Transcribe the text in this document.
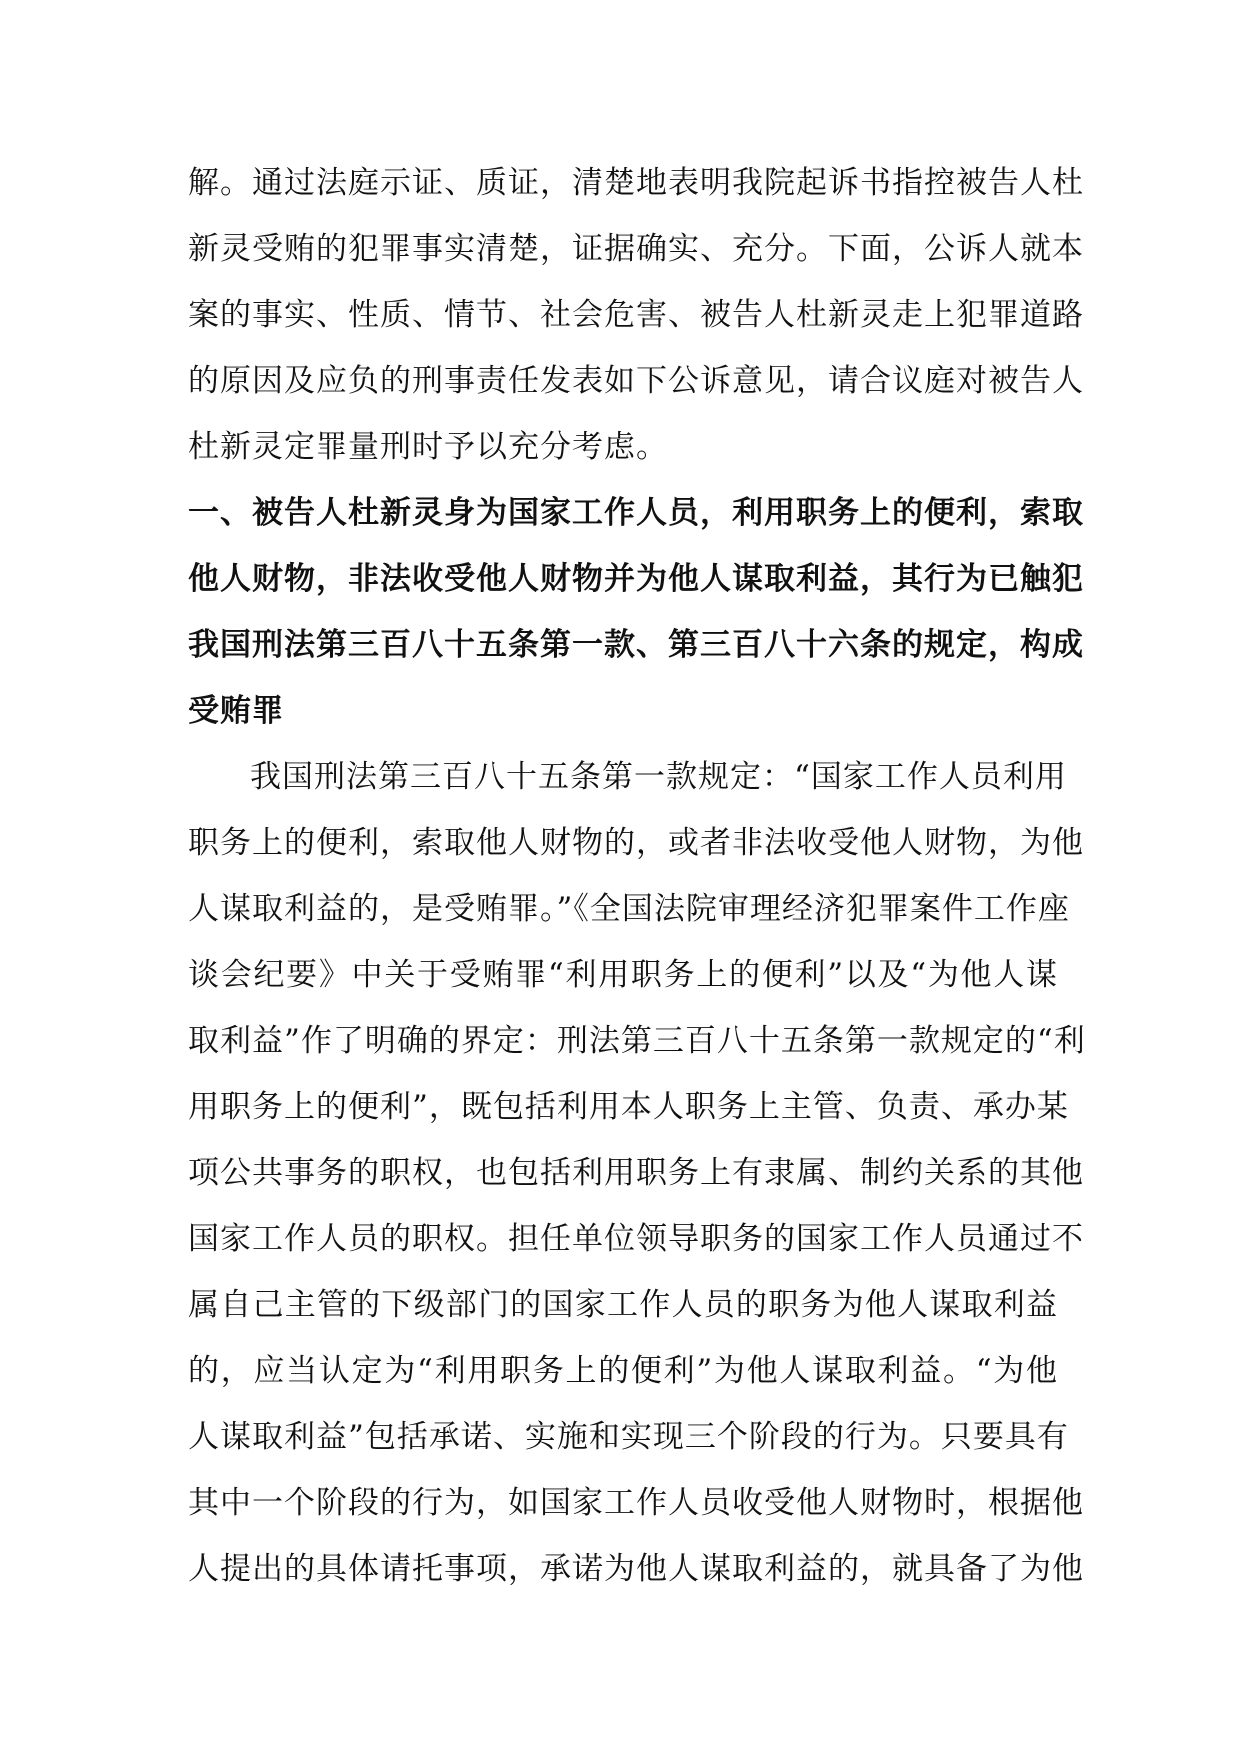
解。通过法庭示证、质证，清楚地表明我院起诉书指控被告人杜
新灵受贿的犯罪事实清楚，证据确实、充分。下面，公诉人就本
案的事实、性质、情节、社会危害、被告人杜新灵走上犯罪道路
的原因及应负的刑事责任发表如下公诉意见，请合议庭对被告人
杜新灵定罪量刑时予以充分考虑。
一、被告人杜新灵身为国家工作人员，利用职务上的便利，索取
他人财物，非法收受他人财物并为他人谋取利益，其行为已触犯
我国刑法第三百八十五条第一款、第三百八十六条的规定，构成
受贿罪
我国刑法第三百八十五条第一款规定：“国家工作人员利用
职务上的便利，索取他人财物的，或者非法收受他人财物，为他
人谋取利益的，是受贿罪。”《全国法院审理经济犯罪案件工作座
谈会纪要》中关于受贿罪“利用职务上的便利”以及“为他人谋
取利益”作了明确的界定：刑法第三百八十五条第一款规定的“利
用职务上的便利”，既包括利用本人职务上主管、负责、承办某
项公共事务的职权，也包括利用职务上有隶属、制约关系的其他
国家工作人员的职权。担任单位领导职务的国家工作人员通过不
属自己主管的下级部门的国家工作人员的职务为他人谋取利益
的，应当认定为“利用职务上的便利”为他人谋取利益。“为他
人谋取利益”包括承诺、实施和实现三个阶段的行为。只要具有
其中一个阶段的行为，如国家工作人员收受他人财物时，根据他
人提出的具体请托事项，承诺为他人谋取利益的，就具备了为他
